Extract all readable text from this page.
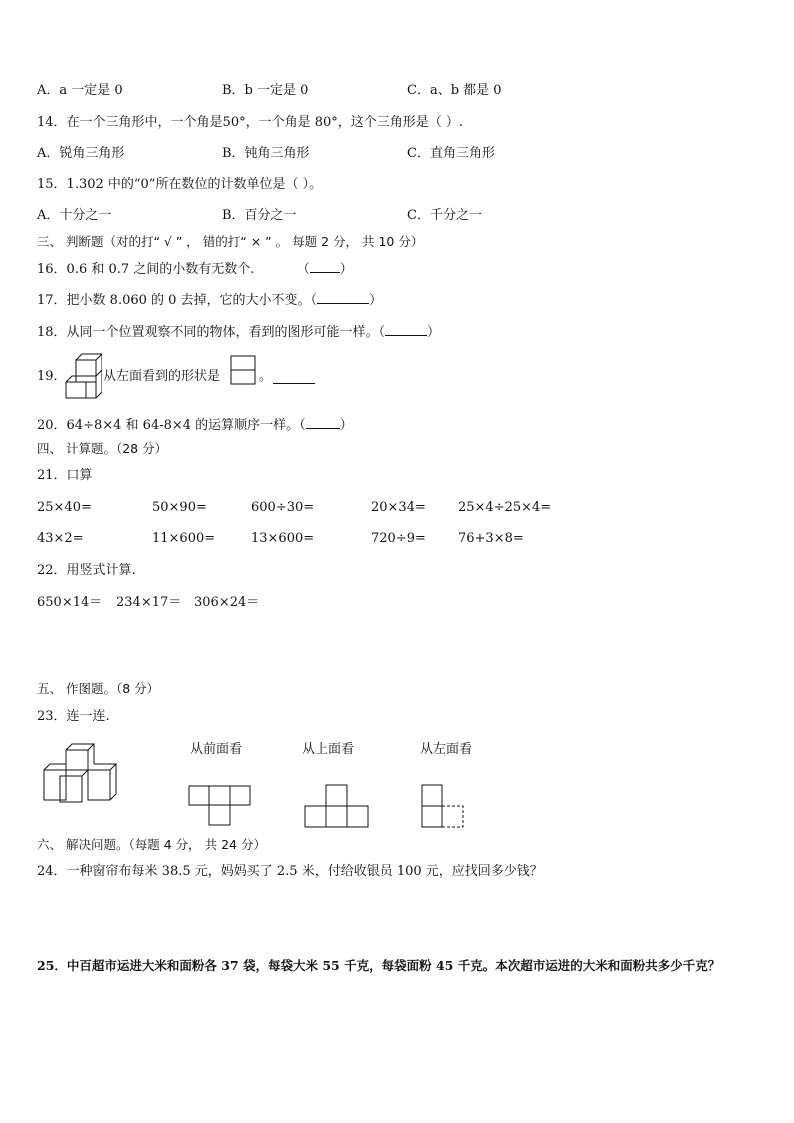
A．a 一定是 0	B．b 一定是 0	C．a、b 都是 0
14．在一个三角形中，一个角是50°，一个角是 80°，这个三角形是（ ）.
A．锐角三角形	B．钝角三角形	C．直角三角形
15．1.302 中的“0”所在数位的计数单位是（ ）。
A．十分之一	B．百分之一	C．千分之一
三、 判断题（对的打“ √ ” ， 错的打“ × ” 。 每题 2 分， 共 10 分）
16．0.6 和 0.7 之间的小数有无数个.	（ ）
17．把小数 8.060 的 0 去掉，它的大小不变。（	）
18．从同一个位置观察不同的物体，看到的图形可能一样。（	）
19．	从左面看到的形状是	。
20．64÷8×4 和 64-8×4 的运算顺序一样。（	）
四、 计算题。（28 分）
21．口算
25×40=	50×90=	600÷30=	20×34= 25×4÷25×4=
43×2=	11×600=	13×600=	720÷9= 76+3×8=
22．用竖式计算.
650×14＝ 234×17＝ 306×24＝
五、 作图题。（8 分）
23．连一连.
从前面看	从上面看	从左面看
六、 解决问题。（每题 4 分， 共 24 分）
24．一种窗帘布每米 38.5 元，妈妈买了 2.5 米，付给收银员 100 元，应找回多少钱？
25．中百超市运进大米和面粉各 37 袋，每袋大米 55 千克，每袋面粉 45 千克。本次超市运进的大米和面粉共多少千克？
